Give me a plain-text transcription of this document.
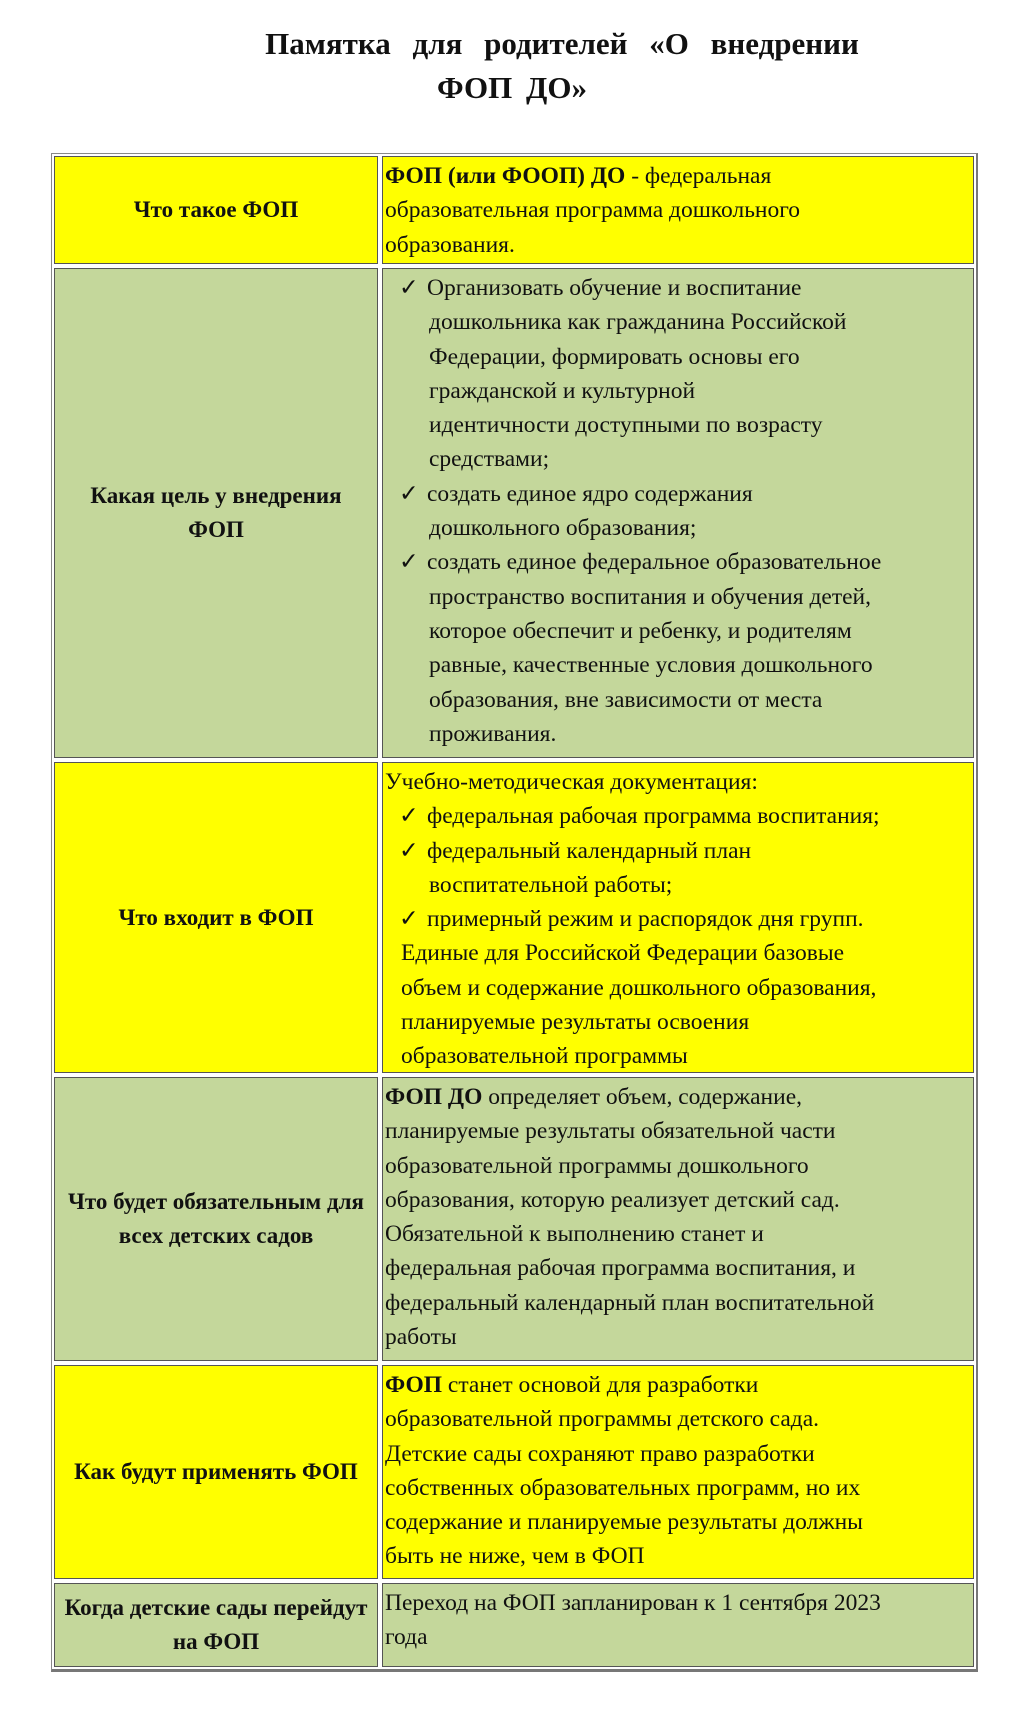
Памятка для родителей «О внедрении
ФОП ДО»
Что такое ФОП
ФОП (или ФООП) ДО - федеральная
образовательная программа дошкольного
образования.
Какая цель у внедрения ФОП
✓ Организовать обучение и воспитание
дошкольника как гражданина Российской
Федерации, формировать основы его
гражданской и культурной
идентичности доступными по возрасту
средствами;
✓ создать единое ядро содержания
дошкольного образования;
✓ создать единое федеральное образовательное
пространство воспитания и обучения детей,
которое обеспечит и ребенку, и родителям
равные, качественные условия дошкольного
образования, вне зависимости от места
проживания.
Что входит в ФОП
Учебно-методическая документация:
✓ федеральная рабочая программа воспитания;
✓ федеральный календарный план
воспитательной работы;
✓ примерный режим и распорядок дня групп.
Единые для Российской Федерации базовые
объем и содержание дошкольного образования,
планируемые результаты освоения
образовательной программы
Что будет обязательным для всех детских садов
ФОП ДО определяет объем, содержание,
планируемые результаты обязательной части
образовательной программы дошкольного
образования, которую реализует детский сад.
Обязательной к выполнению станет и
федеральная рабочая программа воспитания, и
федеральный календарный план воспитательной
работы
Как будут применять ФОП
ФОП станет основой для разработки
образовательной программы детского сада.
Детские сады сохраняют право разработки
собственных образовательных программ, но их
содержание и планируемые результаты должны
быть не ниже, чем в ФОП
Когда детские сады перейдут на ФОП
Переход на ФОП запланирован к 1 сентября 2023
года
